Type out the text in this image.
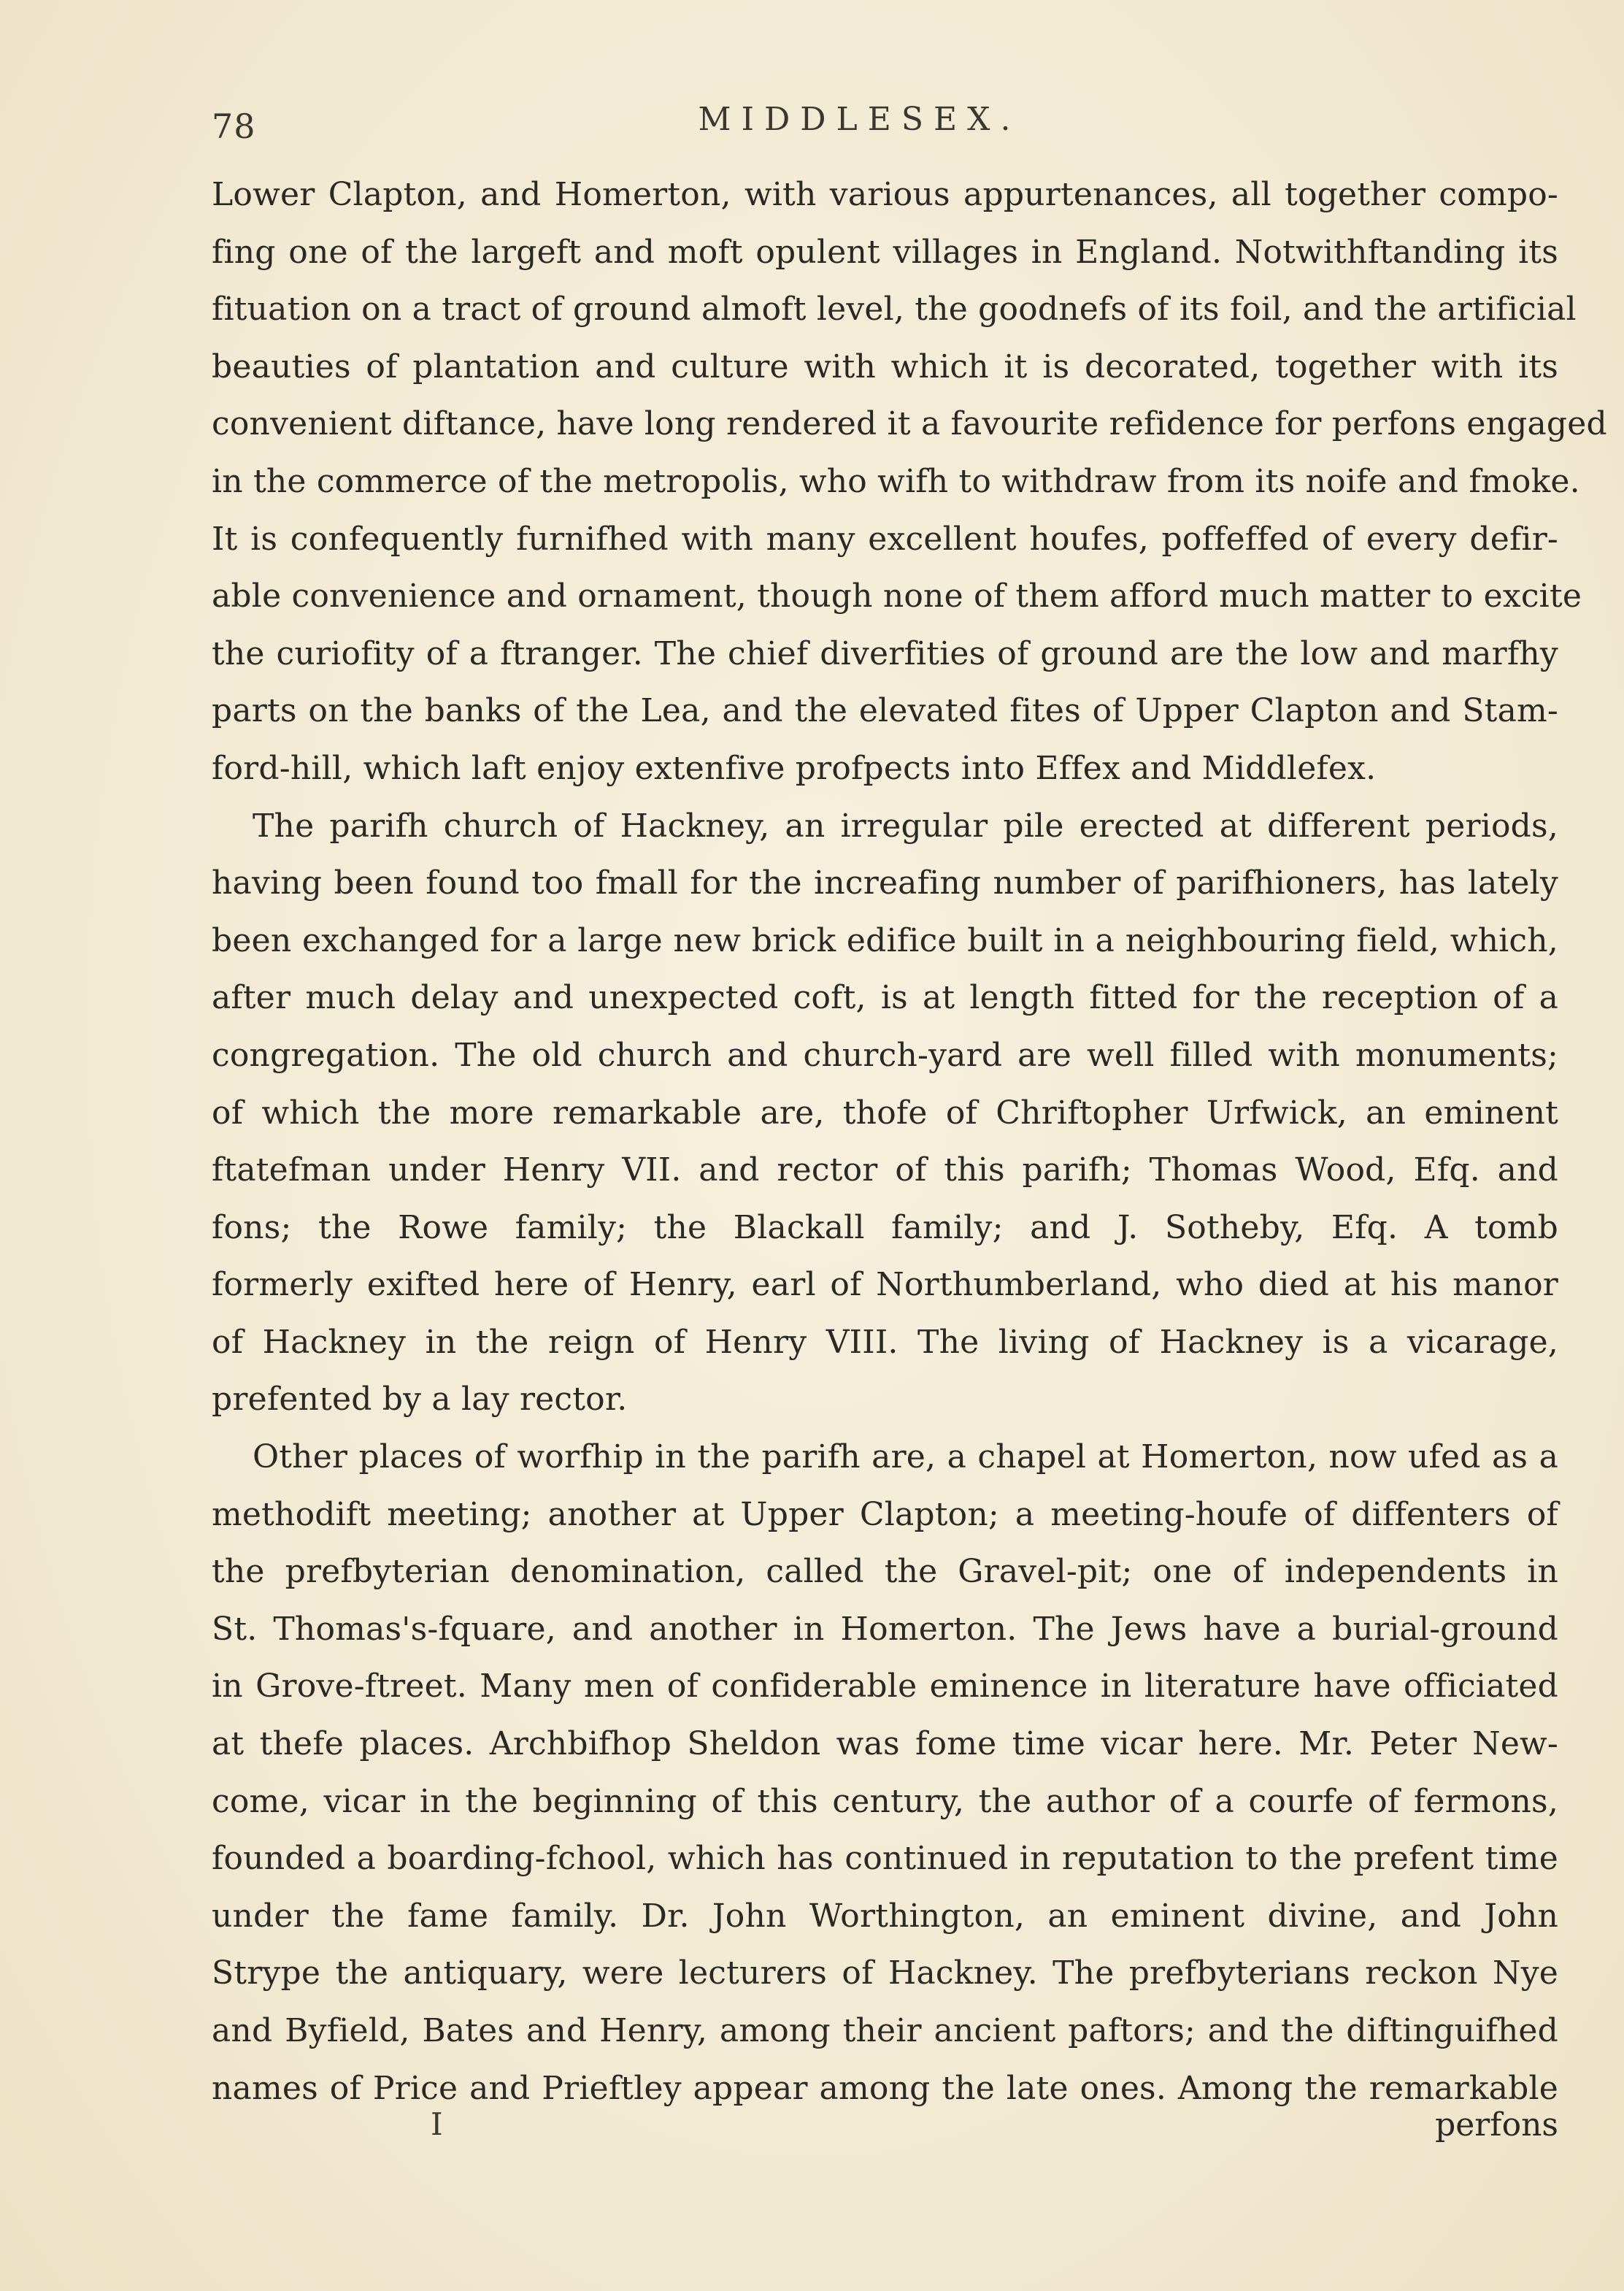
78	MIDDLESEX.
Lower Clapton, and Homerton, with various appurtenances, all together compo-
fing one of the largeft and moft opulent villages in England. Notwithftanding its
fituation on a tract of ground almoft level, the goodnefs of its foil, and the artificial
beauties of plantation and culture with which it is decorated, together with its
convenient diftance, have long rendered it a favourite refidence for perfons engaged
in the commerce of the metropolis, who wifh to withdraw from its noife and fmoke.
It is confequently furnifhed with many excellent houfes, poffeffed of every defir-
able convenience and ornament, though none of them afford much matter to excite
the curiofity of a ftranger. The chief diverfities of ground are the low and marfhy
parts on the banks of the Lea, and the elevated fites of Upper Clapton and Stam-
ford-hill, which laft enjoy extenfive profpects into Effex and Middlefex.
The parifh church of Hackney, an irregular pile erected at different periods,
having been found too fmall for the increafing number of parifhioners, has lately
been exchanged for a large new brick edifice built in a neighbouring field, which,
after much delay and unexpected coft, is at length fitted for the reception of a
congregation. The old church and church-yard are well filled with monuments;
of which the more remarkable are, thofe of Chriftopher Urfwick, an eminent
ftatefman under Henry VII. and rector of this parifh; Thomas Wood, Efq. and
fons; the Rowe family; the Blackall family; and J. Sotheby, Efq. A tomb
formerly exifted here of Henry, earl of Northumberland, who died at his manor
of Hackney in the reign of Henry VIII. The living of Hackney is a vicarage,
prefented by a lay rector.
Other places of worfhip in the parifh are, a chapel at Homerton, now ufed as a
methodift meeting; another at Upper Clapton; a meeting-houfe of diffenters of
the prefbyterian denomination, called the Gravel-pit; one of independents in
St. Thomas's-fquare, and another in Homerton. The Jews have a burial-ground
in Grove-ftreet. Many men of confiderable eminence in literature have officiated
at thefe places. Archbifhop Sheldon was fome time vicar here. Mr. Peter New-
come, vicar in the beginning of this century, the author of a courfe of fermons,
founded a boarding-fchool, which has continued in reputation to the prefent time
under the fame family. Dr. John Worthington, an eminent divine, and John
Strype the antiquary, were lecturers of Hackney. The prefbyterians reckon Nye
and Byfield, Bates and Henry, among their ancient paftors; and the diftinguifhed
names of Price and Prieftley appear among the late ones. Among the remarkable
I	perfons
